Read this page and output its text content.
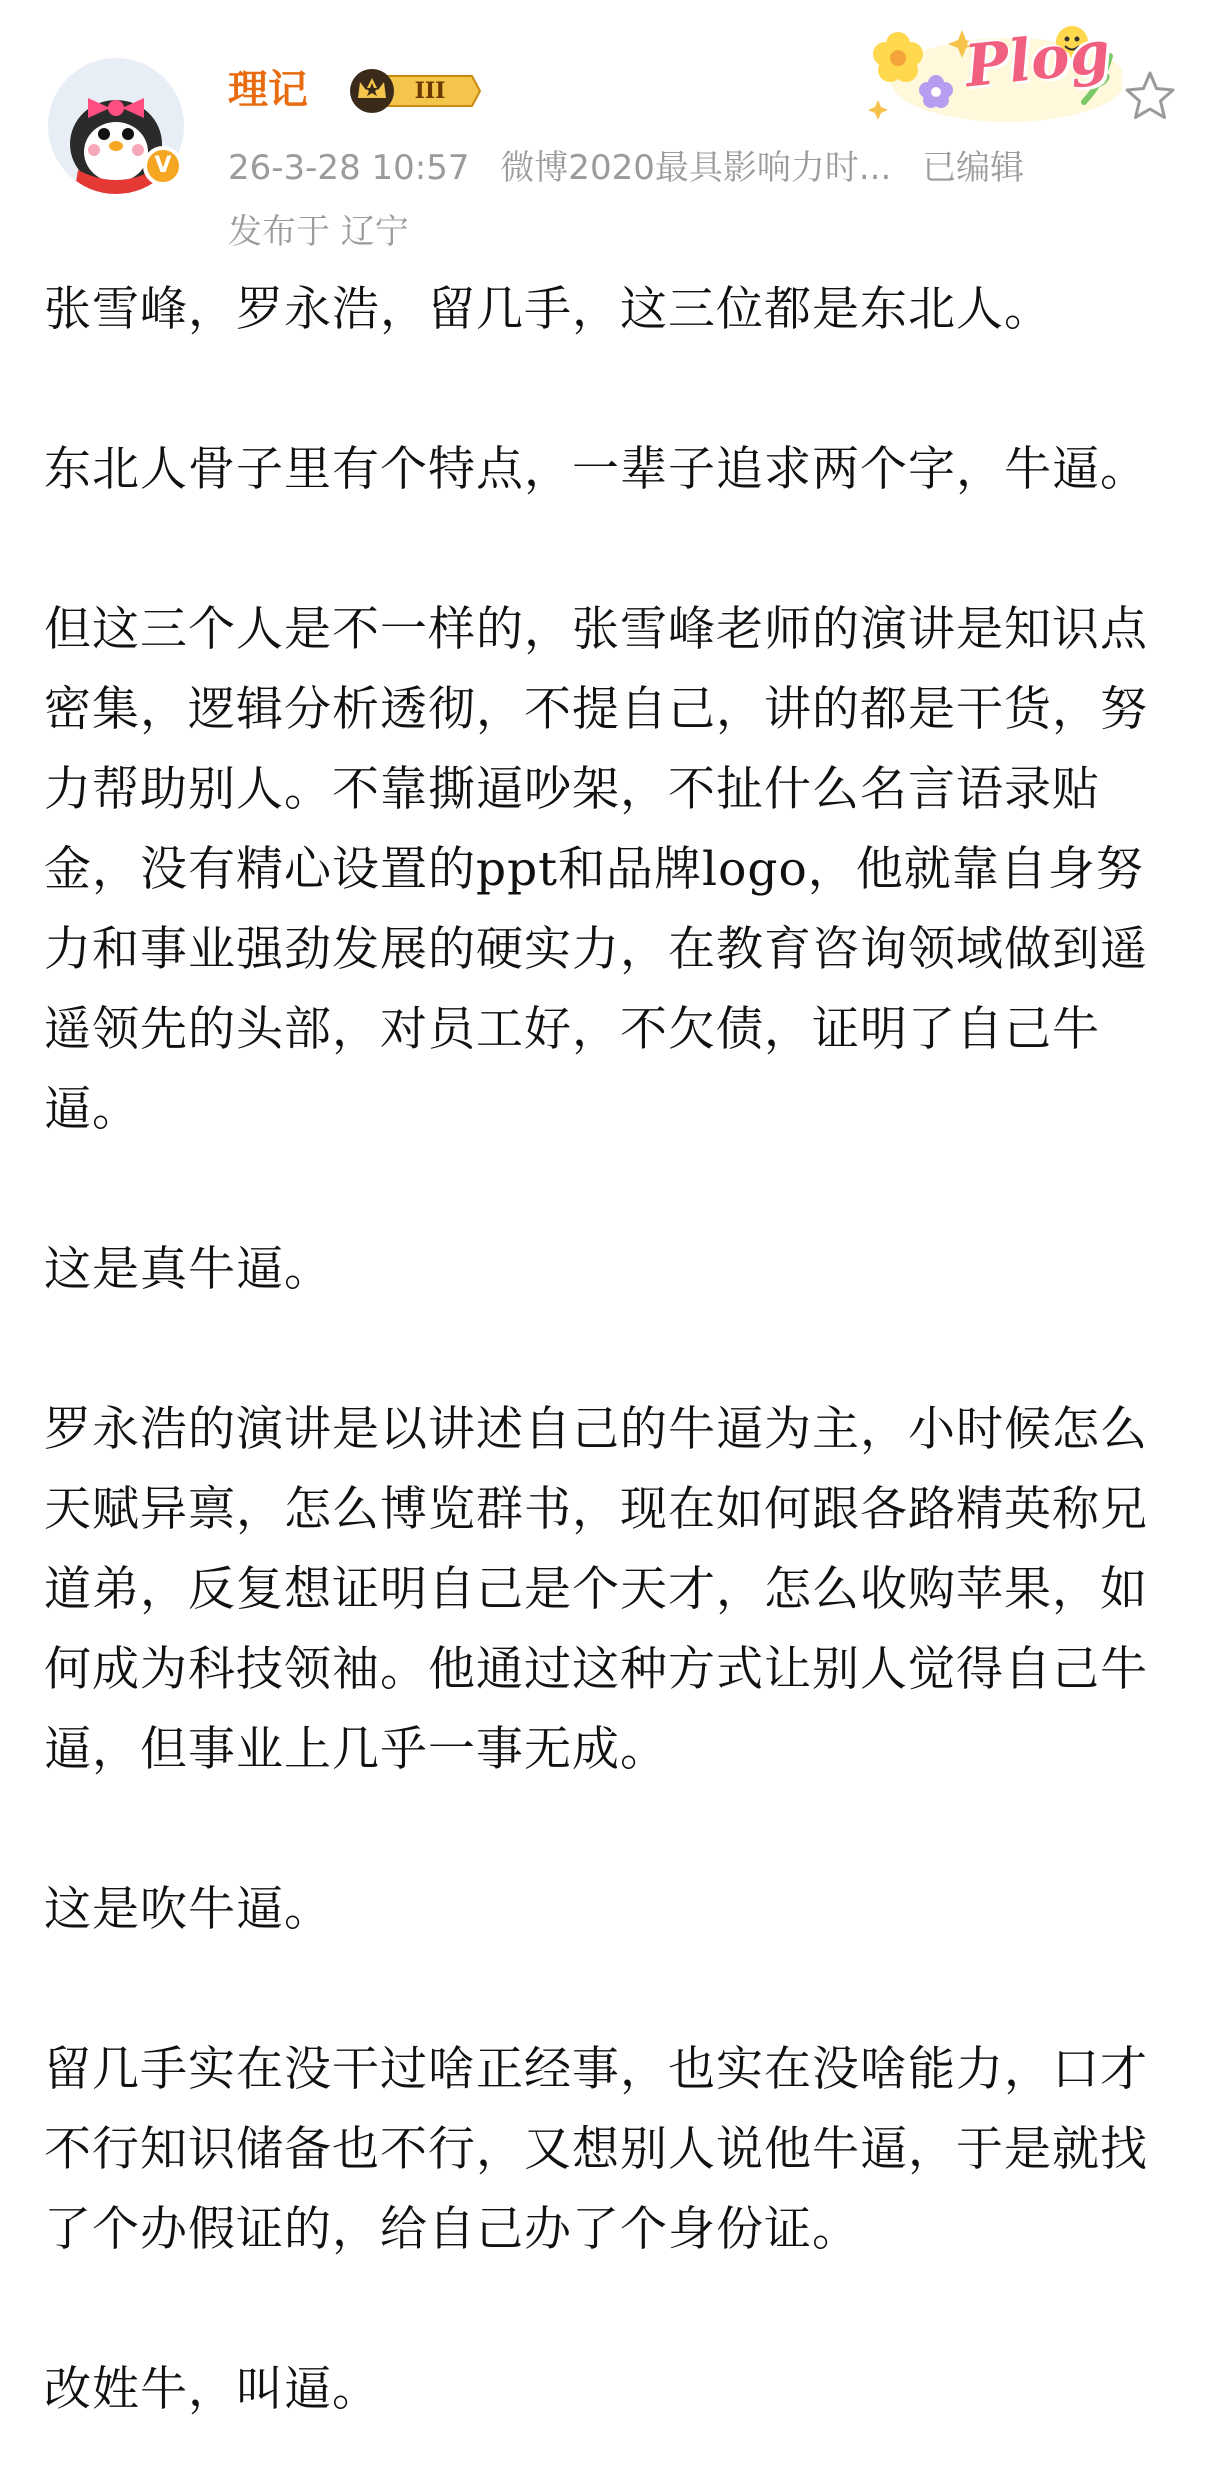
V
理记	III
26-3-28 10:57 微博2020最具影响力时... 已编辑
发布于 辽宁
Plog

张雪峰，罗永浩，留几手，这三位都是东北人。

东北人骨子里有个特点，一辈子追求两个字，牛逼。

但这三个人是不一样的，张雪峰老师的演讲是知识点密集，逻辑分析透彻，不提自己，讲的都是干货，努力帮助别人。不靠撕逼吵架，不扯什么名言语录贴金，没有精心设置的ppt和品牌logo，他就靠自身努力和事业强劲发展的硬实力，在教育咨询领域做到遥遥领先的头部，对员工好，不欠债，证明了自己牛逼。

这是真牛逼。

罗永浩的演讲是以讲述自己的牛逼为主，小时候怎么天赋异禀，怎么博览群书，现在如何跟各路精英称兄道弟，反复想证明自己是个天才，怎么收购苹果，如何成为科技领袖。他通过这种方式让别人觉得自己牛逼，但事业上几乎一事无成。

这是吹牛逼。

留几手实在没干过啥正经事，也实在没啥能力，口才不行知识储备也不行，又想别人说他牛逼，于是就找了个办假证的，给自己办了个身份证。

改姓牛，叫逼。
